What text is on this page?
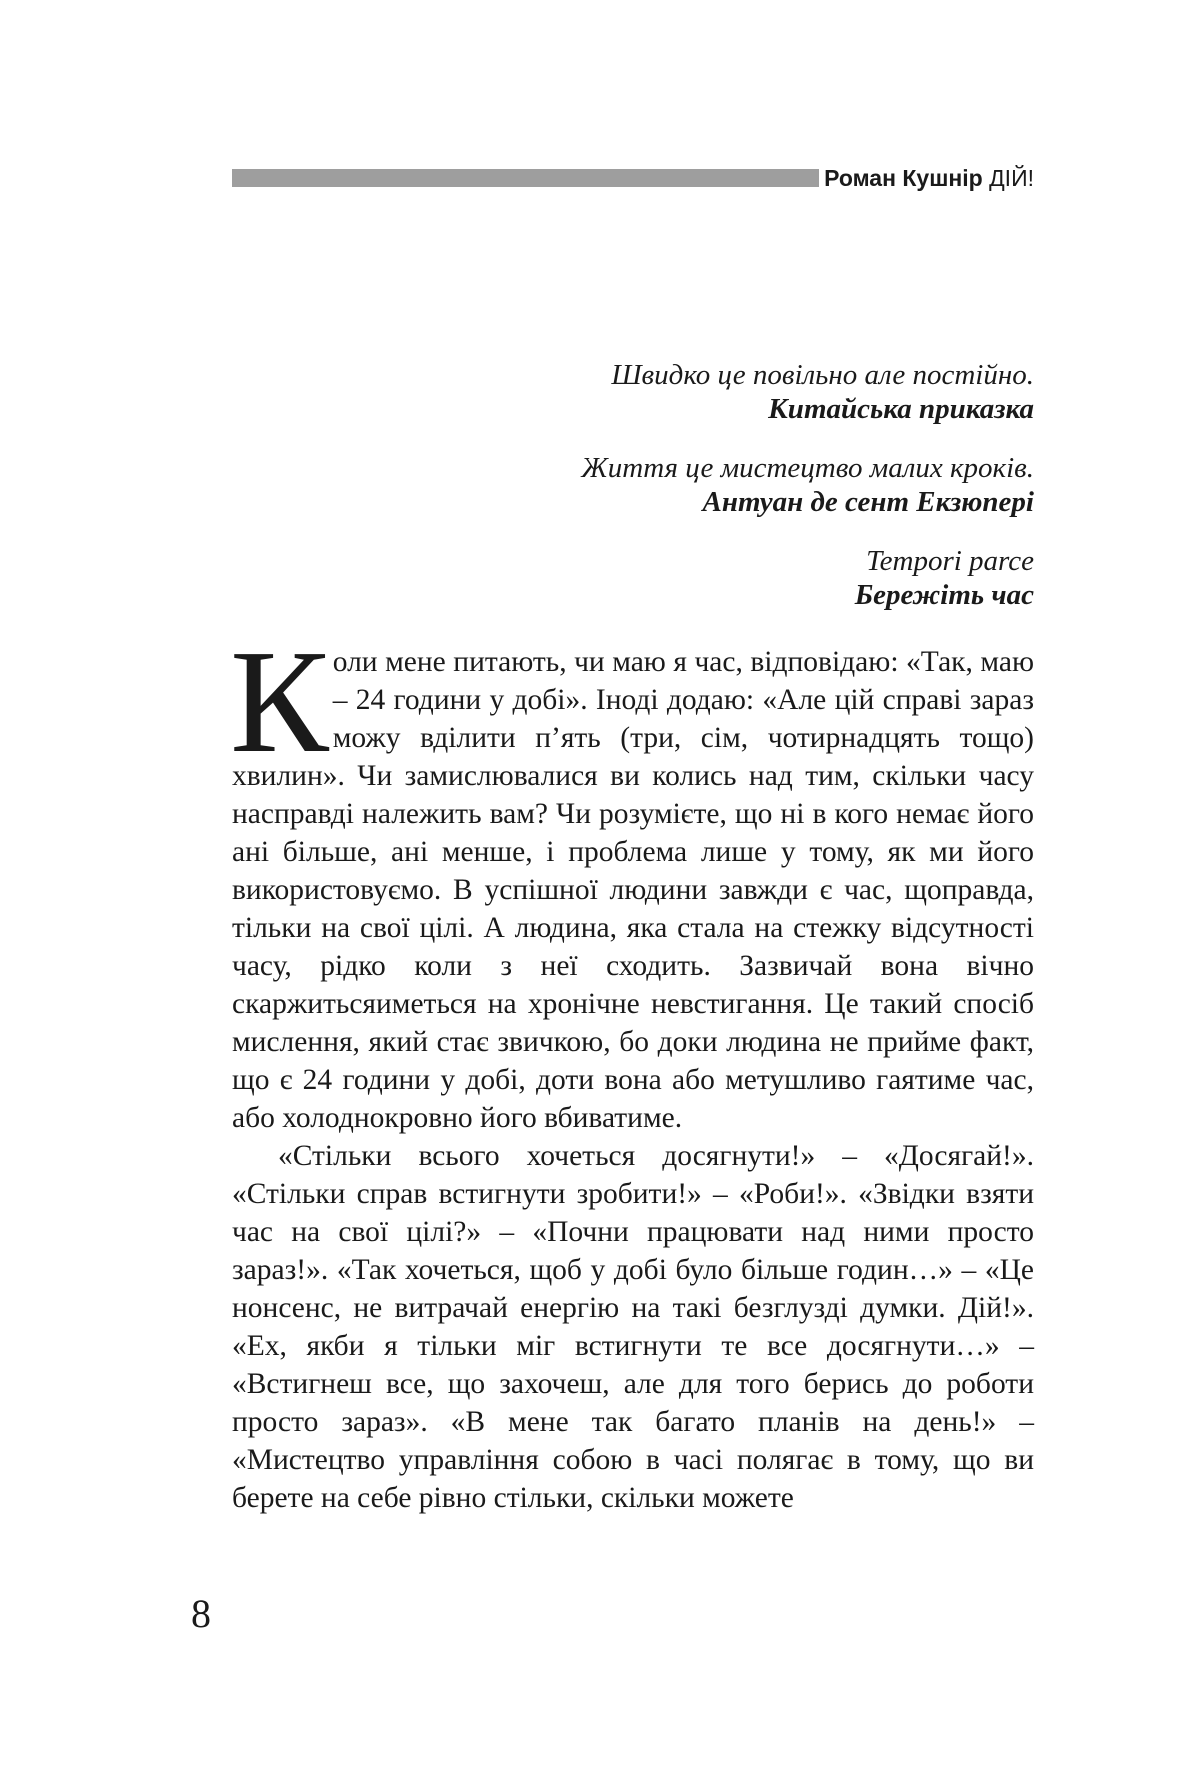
Роман Кушнір ДІЙ!
Швидко це повільно але постійно.
Китайська приказка
Життя це мистецтво малих кроків.
Антуан де сент Екзюпері
Tempori parce
Бережіть час

Коли мене питають, чи маю я час, відповідаю: «Так, маю – 24 години у добі». Іноді додаю: «Але цій справі зараз можу вділити п’ять (три, сім, чотирнадцять тощо) хвилин». Чи замислювалися ви колись над тим, скільки часу насправді належить вам? Чи розумієте, що ні в кого немає його ані більше, ані менше, і проблема лише у тому, як ми його використовуємо. В успішної людини завжди є час, щоправда, тільки на свої цілі. А людина, яка стала на стежку відсутності часу, рідко коли з неї сходить. Зазвичай вона вічно скаржитьсяиметься на хронічне невстигання. Це такий спосіб мислення, який стає звичкою, бо доки людина не прийме факт, що є 24 години у добі, доти вона або метушливо гаятиме час, або холоднокровно його вбиватиме.

«Стільки всього хочеться досягнути!» – «Досягай!». «Стільки справ встигнути зробити!» – «Роби!». «Звідки взяти час на свої цілі?» – «Почни працювати над ними просто зараз!». «Так хочеться, щоб у добі було більше годин…» – «Це нонсенс, не витрачай енергію на такі безглузді думки. Дій!». «Ех, якби я тільки міг встигнути те все досягнути…» – «Встигнеш все, що захочеш, але для того берись до роботи просто зараз». «В мене так багато планів на день!» – «Мистецтво управління собою в часі полягає в тому, що ви берете на себе рівно стільки, скільки можете

8
